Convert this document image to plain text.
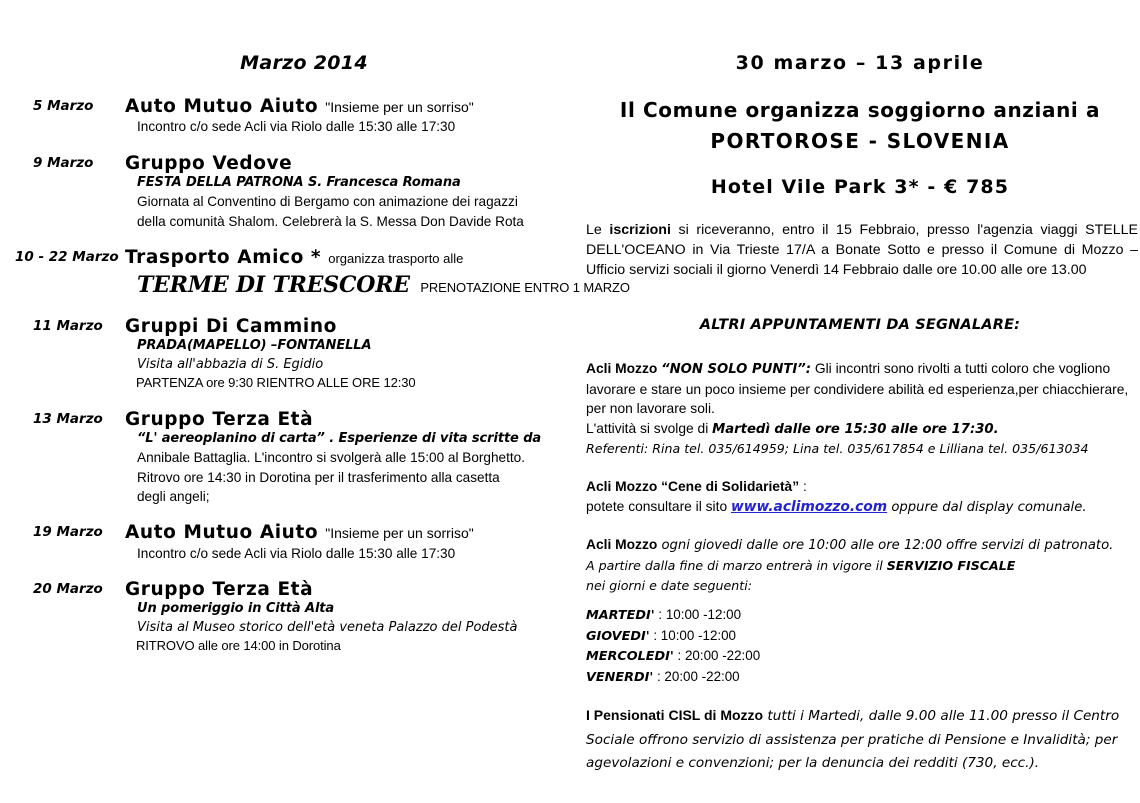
Marzo 2014
5 Marzo	Auto Mutuo Aiuto "Insieme per un sorriso"
Incontro c/o sede Acli via Riolo dalle 15:30 alle 17:30
9 Marzo	Gruppo Vedove
FESTA DELLA PATRONA S. Francesca Romana
Giornata al Conventino di Bergamo con animazione dei ragazzi
della comunità Shalom. Celebrerà la S. Messa Don Davide Rota
10 - 22 Marzo Trasporto Amico * organizza trasporto alle
TERME DI TRESCORE PRENOTAZIONE ENTRO 1 MARZO
11 Marzo	Gruppi Di Cammino
PRADA(MAPELLO) –FONTANELLA
Visita all'abbazia di S. Egidio
PARTENZA ore 9:30 RIENTRO ALLE ORE 12:30
13 Marzo	Gruppo Terza Età
“L' aereoplanino di carta” . Esperienze di vita scritte da
Annibale Battaglia. L'incontro si svolgerà alle 15:00 al Borghetto.
Ritrovo ore 14:30 in Dorotina per il trasferimento alla casetta
degli angeli;
19 Marzo	Auto Mutuo Aiuto "Insieme per un sorriso"
Incontro c/o sede Acli via Riolo dalle 15:30 alle 17:30
20 Marzo	Gruppo Terza Età
Un pomeriggio in Città Alta
Visita al Museo storico dell'età veneta Palazzo del Podestà
RITROVO alle ore 14:00 in Dorotina
30 marzo – 13 aprile
Il Comune organizza soggiorno anziani a
PORTOROSE - SLOVENIA
Hotel Vile Park 3* - € 785

Le iscrizioni si riceveranno, entro il 15 Febbraio, presso l'agenzia viaggi STELLE DELL'OCEANO in Via Trieste 17/A a Bonate Sotto e presso il Comune di Mozzo – Ufficio servizi sociali il giorno Venerdì 14 Febbraio dalle ore 10.00 alle ore 13.00

ALTRI APPUNTAMENTI DA SEGNALARE:
Acli Mozzo “NON SOLO PUNTI”: Gli incontri sono rivolti a tutti coloro che vogliono lavorare e stare un poco insieme per condividere abilità ed esperienza,per chiacchierare, per non lavorare soli.
L'attività si svolge di Martedì dalle ore 15:30 alle ore 17:30.
Referenti: Rina tel. 035/614959; Lina tel. 035/617854 e Lilliana tel. 035/613034
Acli Mozzo “Cene di Solidarietà” :
potete consultare il sito www.aclimozzo.com oppure dal display comunale.
Acli Mozzo ogni giovedi dalle ore 10:00 alle ore 12:00 offre servizi di patronato.
A partire dalla fine di marzo entrerà in vigore il SERVIZIO FISCALE
nei giorni e date seguenti:
MARTEDI' : 10:00 -12:00
GIOVEDI' : 10:00 -12:00
MERCOLEDI' : 20:00 -22:00
VENERDI' : 20:00 -22:00
I Pensionati CISL di Mozzo tutti i Martedi, dalle 9.00 alle 11.00 presso il Centro Sociale offrono servizio di assistenza per pratiche di Pensione e Invalidità; per agevolazioni e convenzioni; per la denuncia dei redditi (730, ecc.).
